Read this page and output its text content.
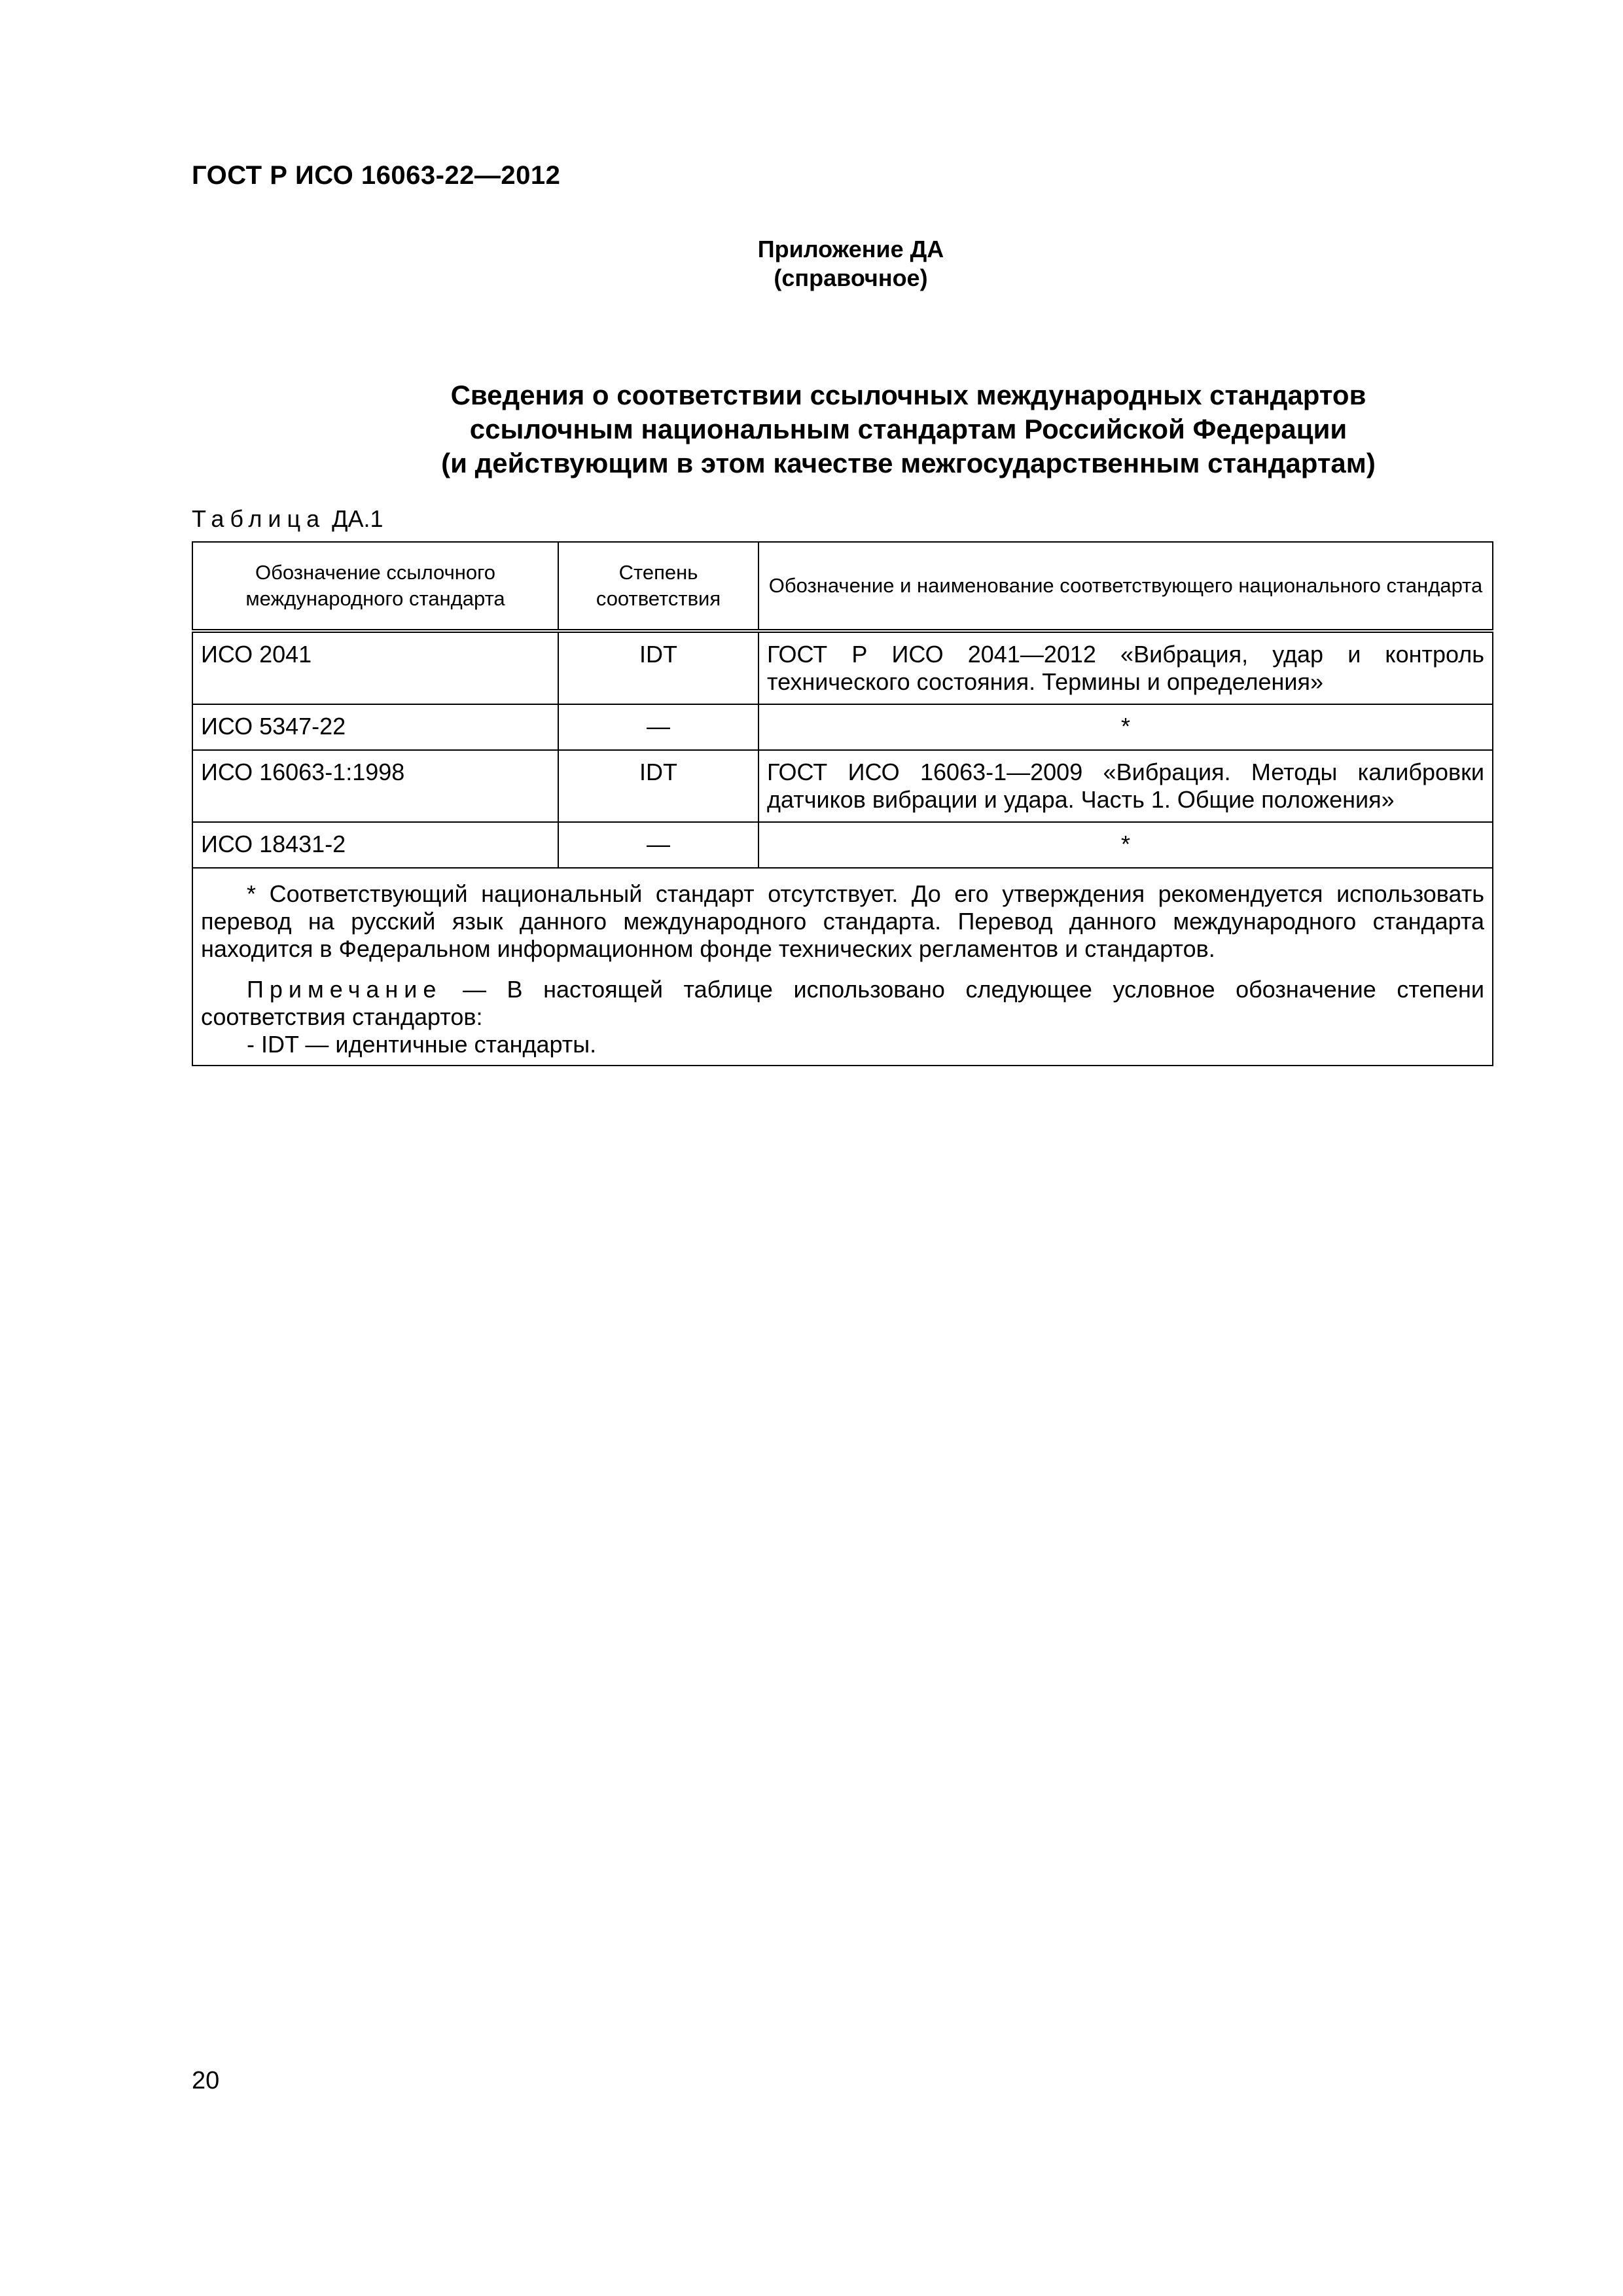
ГОСТ Р ИСО 16063-22—2012
Приложение ДА
(справочное)
Сведения о соответствии ссылочных международных стандартов
ссылочным национальным стандартам Российской Федерации
(и действующим в этом качестве межгосударственным стандартам)
Таблица ДА.1
Обозначение ссылочного международного стандарта	Степень соответствия	Обозначение и наименование соответствующего национального стандарта
ИСО 2041	IDT	ГОСТ Р ИСО 2041—2012 «Вибрация, удар и контроль технического состояния. Термины и определения»
ИСО 5347-22	—	*
ИСО 16063-1:1998	IDT	ГОСТ ИСО 16063-1—2009 «Вибрация. Методы калибровки датчиков вибрации и удара. Часть 1. Общие положения»
ИСО 18431-2	—	*

* Соответствующий национальный стандарт отсутствует. До его утверждения рекомендуется использовать перевод на русский язык данного международного стандарта. Перевод данного международного стандарта находится в Федеральном информационном фонде технических регламентов и стандартов.

Примечание — В настоящей таблице использовано следующее условное обозначение степени соответствия стандартов:

- IDT — идентичные стандарты.		
20
